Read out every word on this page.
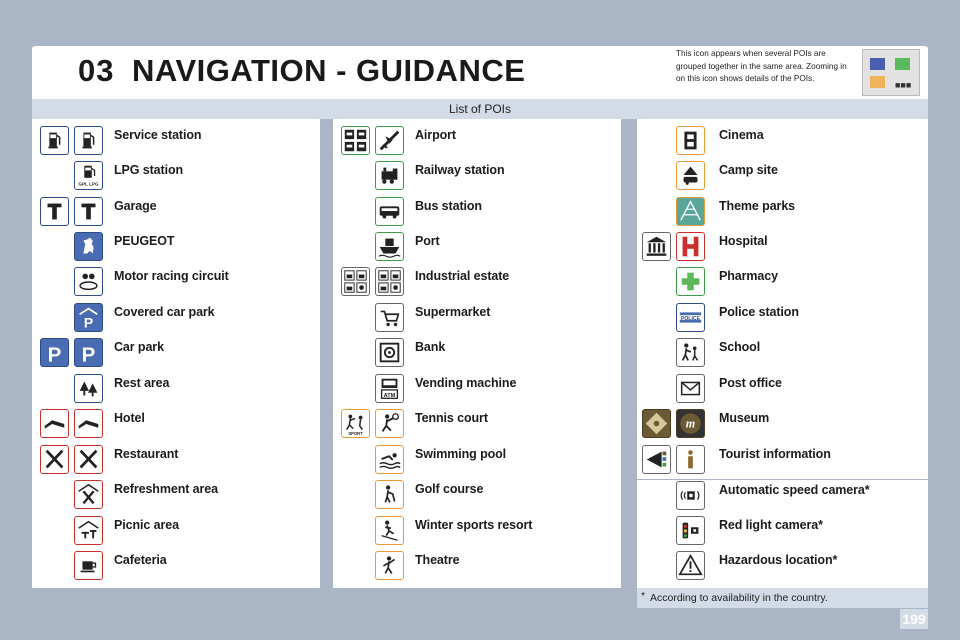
03 NAVIGATION - GUIDANCE	This icon appears when several POIs are grouped together in the same area. Zooming in on this icon shows details of the POIs.
■■■
List of POIs
Service station
GPL LPG
LPG station
Garage
PEUGEOT
Motor racing circuit
P
Covered car park
P P Car park
Rest area
Hotel
Restaurant
Refreshment area
Picnic area
Cafeteria
Airport
Railway station
Bus station
Port
Industrial estate
Supermarket
Bank
ATM
Vending machine
SPORT
Tennis court
Swimming pool
Golf course
Winter sports resort
Theatre
Cinema
Camp site
Theme parks
Hospital
Pharmacy
POLICE Police station
School
Post office
m Museum
Tourist information
Automatic speed camera*
Red light camera*
Hazardous location*
* According to availability in the country.
199
